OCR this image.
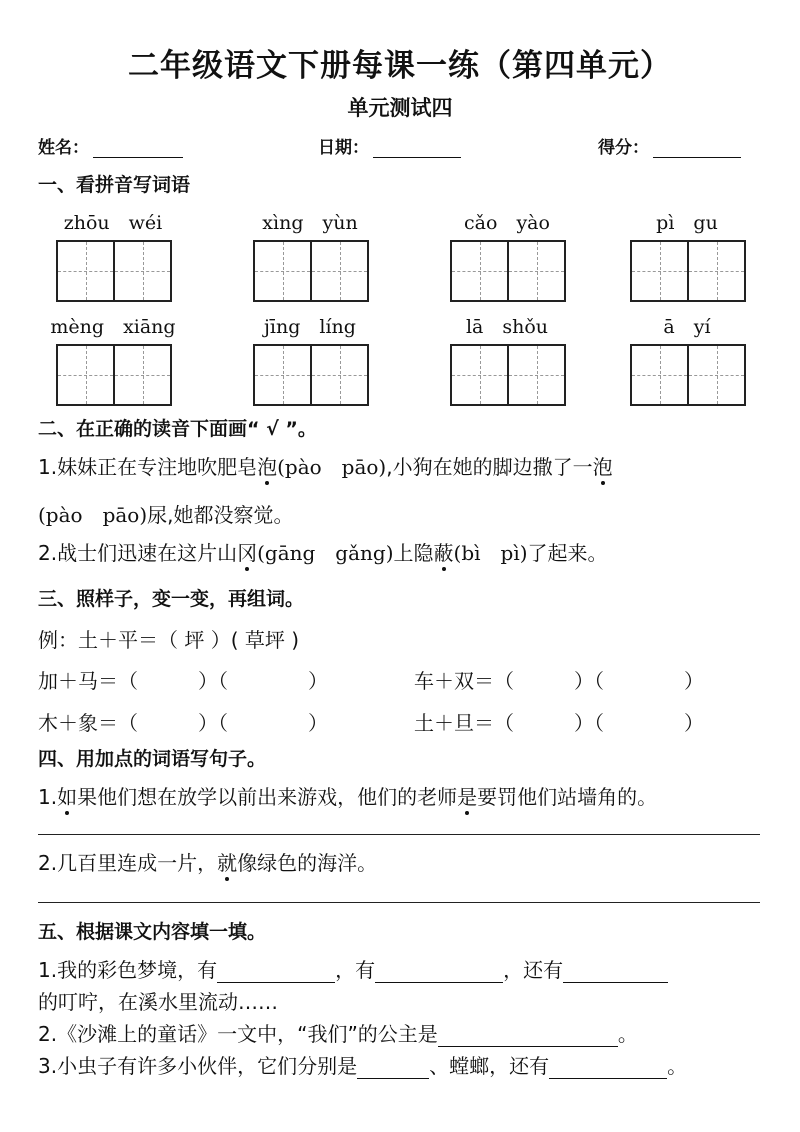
二年级语文下册每课一练（第四单元）
单元测试四
姓名：	日期：	得分：
一、看拼音写词语
zhōu　wéi	xìng　yùn	cǎo　yào	pì　gu
mèng　xiāng	jīng　líng	lā　shǒu	ā　yí
二、在正确的读音下面画“ √ ”。
1.妹妹正在专注地吹肥皂泡(pào　pāo),小狗在她的脚边撒了一泡
(pào　pāo)尿,她都没察觉。
2.战士们迅速在这片山冈(gāng　gǎng)上隐蔽(bì　pì)了起来。
三、照样子，变一变，再组词。
例：土＋平＝（ 坪 ）( 草坪 )
加＋马＝（　　　）（　　　　）	车＋双＝（　　　）（　　　　）
木＋象＝（　　　）（　　　　）	土＋旦＝（　　　）（　　　　）
四、用加点的词语写句子。
1.如果他们想在放学以前出来游戏，他们的老师是要罚他们站墙角的。
2.几百里连成一片，就像绿色的海洋。
五、根据课文内容填一填。
1.我的彩色梦境，有	，有	，还有
的叮咛，在溪水里流动……
2.《沙滩上的童话》一文中，“我们”的公主是	。
3.小虫子有许多小伙伴，它们分别是	、螳螂，还有	。
